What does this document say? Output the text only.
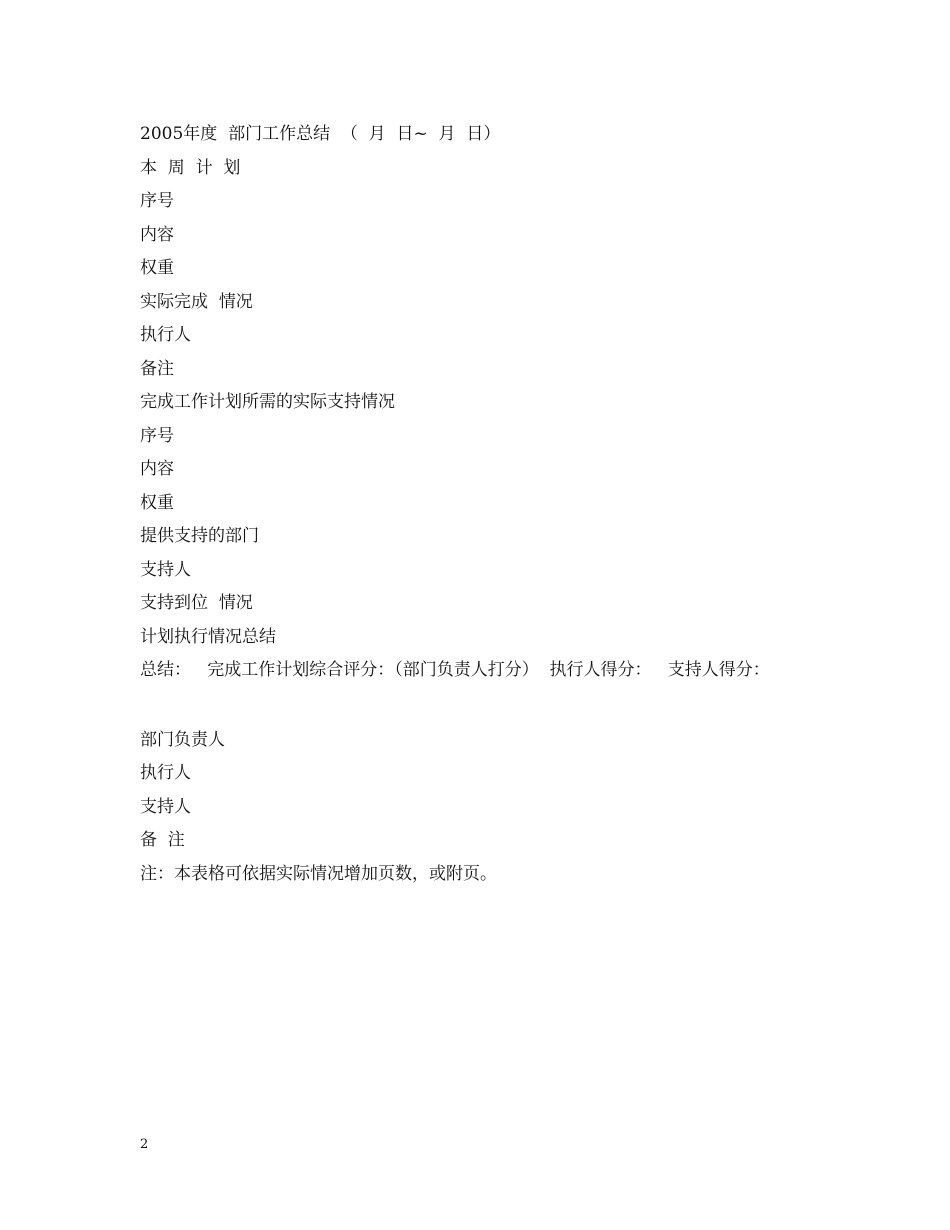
2005年度  部门工作总结  （  月  日~  月  日）
本  周  计  划
序号
内容
权重
实际完成  情况
执行人
备注
完成工作计划所需的实际支持情况
序号
内容
权重
提供支持的部门
支持人
支持到位  情况
计划执行情况总结
总结：   完成工作计划综合评分：（部门负责人打分）  执行人得分：   支持人得分：
部门负责人
执行人
支持人
备  注
注：本表格可依据实际情况增加页数，或附页。
2
